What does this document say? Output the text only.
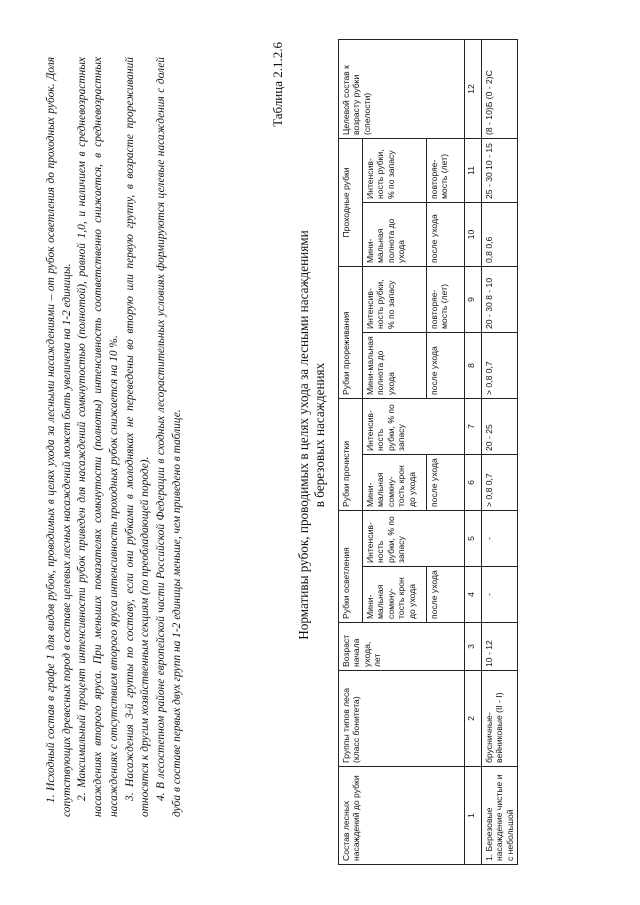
1. Исходный состав в графе 1 для видов рубок, проводимых в целях ухода за лесными насаждениями – от рубок осветления до проходных рубок. Доля сопутствующих древесных пород в составе целевых лесных насаждений может быть увеличена на 1-2 единицы. 2. Максимальный процент интенсивности рубок приведен для насаждений сомкнутостью (полнотой), равной 1,0, и наличием в средневозрастных насаждениях второго яруса. При меньших показателях сомкнутости (полноты) интенсивность соответственно снижается, в средневозрастных насаждениях с отсутствием второго яруса интенсивность проходных рубок снижается на 10 %. 3. Насаждения 3-й группы по составу, если они рубками в молодняках не переведены во вторую или первую группу, в возрасте прореживаний относятся к другим хозяйственным секциям (по преобладающей породе). 4. В лесостепном районе европейской части Российской Федерации в сходных лесорастительных условиях формируются целевые насаждения с долей дуба в составе первых двух групп на 1-2 единицы меньше, чем приведено в таблице.

Таблица 2.1.2.6
Нормативы рубок, проводимых в целях ухода за лесными насаждениями в березовых насаждениях
Состав лесных насаждений до рубки	Группы типов леса (класс бонитета)	Возраст начала ухода, лет	Рубки осветления		Рубки прочистки		Рубки прореживания		Проходные рубки		Целевой состав к возрасту рубки (спелости)
			Мини-мальная сомкну-тость крон до ухода	Интенсив-ность рубки, % по запасу	Мини-мальная сомкну-тость крон до ухода	Интенсив-ность рубки, % по запасу	Мини-мальная полнота до ухода	Интенсив-ность рубки, % по запасу	Мини-мальная полнота до ухода	Интенсив-ность рубки, % по запасу	
			после ухода		после ухода		после ухода	повторяе-мость (лет)	после ухода	повторяе-мость (лет)	
1	2	3	4	5	6	7	8	9	10	11	12
1. Березовые насаждение чистые и с небольшой	брусничные-вейниковые (II - I)	10 - 12	-	-	> 0,8 0,7	20 - 25	> 0,8 0,7	20 - 30 8 - 10	0,8 0,6	25 - 30 10 - 15	(8 - 10)Б (0 - 2)С
